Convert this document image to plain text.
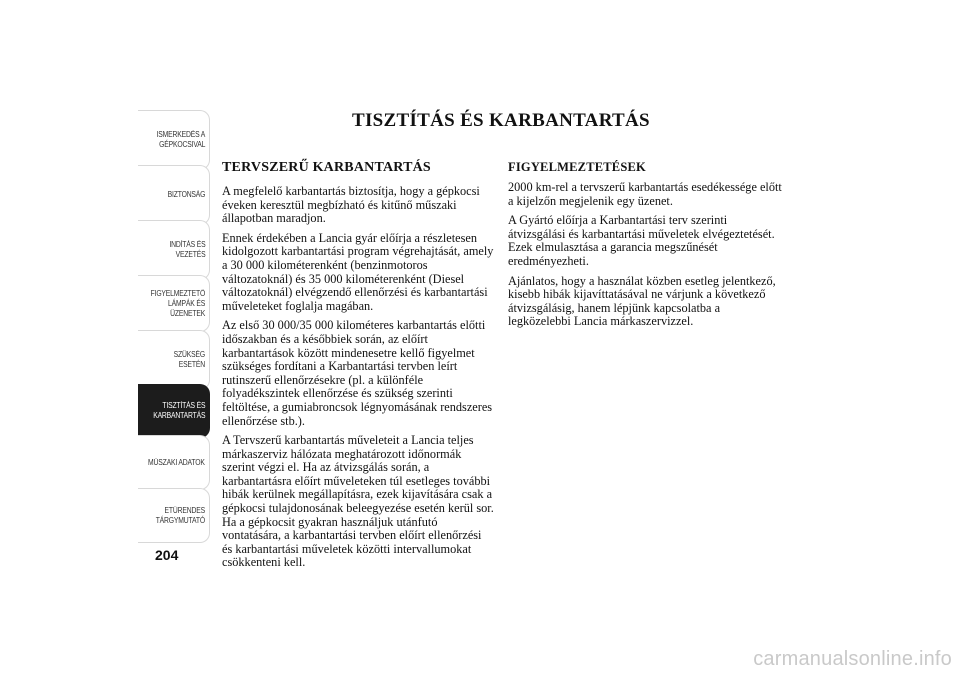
ISMERKEDÉS A
GÉPKOCSIVAL
BIZTONSÁG
INDÍTÁS ÉS
VEZETÉS
FIGYELMEZTETŐ
LÁMPÁK ÉS
ÜZENETEK
SZÜKSÉG ESETÉN
TISZTÍTÁS ÉS
KARBANTARTÁS
MŰSZAKI ADATOK
ETŰRENDES
TÁRGYMUTATÓ
204
TISZTÍTÁS ÉS KARBANTARTÁS
TERVSZERŰ KARBANTARTÁS

A megfelelő karbantartás biztosítja, hogy a gépkocsi éveken keresztül megbízható és kitűnő műszaki állapotban maradjon.

Ennek érdekében a Lancia gyár előírja a részletesen kidolgozott karbantartási program végrehajtását, amely a 30 000 kilométerenként (benzinmotoros változatoknál) és 35 000 kilométerenként (Diesel változatoknál) elvégzendő ellenőrzési és karbantartási műveleteket foglalja magában.

Az első 30 000/35 000 kilométeres karbantartás előtti időszakban és a későbbiek során, az előírt karbantartások között mindenesetre kellő figyelmet szükséges fordítani a Karbantartási tervben leírt rutinszerű ellenőrzésekre (pl. a különféle folyadékszintek ellenőrzése és szükség szerinti feltöltése, a gumiabroncsok légnyomásának rendszeres ellenőrzése stb.).

A Tervszerű karbantartás műveleteit a Lancia teljes márkaszerviz hálózata meghatározott időnormák szerint végzi el. Ha az átvizsgálás során, a karbantartásra előírt műveleteken túl esetleges további hibák kerülnek megállapításra, ezek kijavítására csak a gépkocsi tulajdonosának beleegyezése esetén kerül sor. Ha a gépkocsit gyakran használjuk utánfutó vontatására, a karbantartási tervben előírt ellenőrzési és karbantartási műveletek közötti intervallumokat csökkenteni kell.

FIGYELMEZTETÉSEK

2000 km-rel a tervszerű karbantartás esedékessége előtt a kijelzőn megjelenik egy üzenet.

A Gyártó előírja a Karbantartási terv szerinti átvizsgálási és karbantartási műveletek elvégeztetését. Ezek elmulasztása a garancia megszűnését eredményezheti.

Ajánlatos, hogy a használat közben esetleg jelentkező, kisebb hibák kijavíttatásával ne várjunk a következő átvizsgálásig, hanem lépjünk kapcsolatba a legközelebbi Lancia márkaszervizzel.

carmanualsonline.info
